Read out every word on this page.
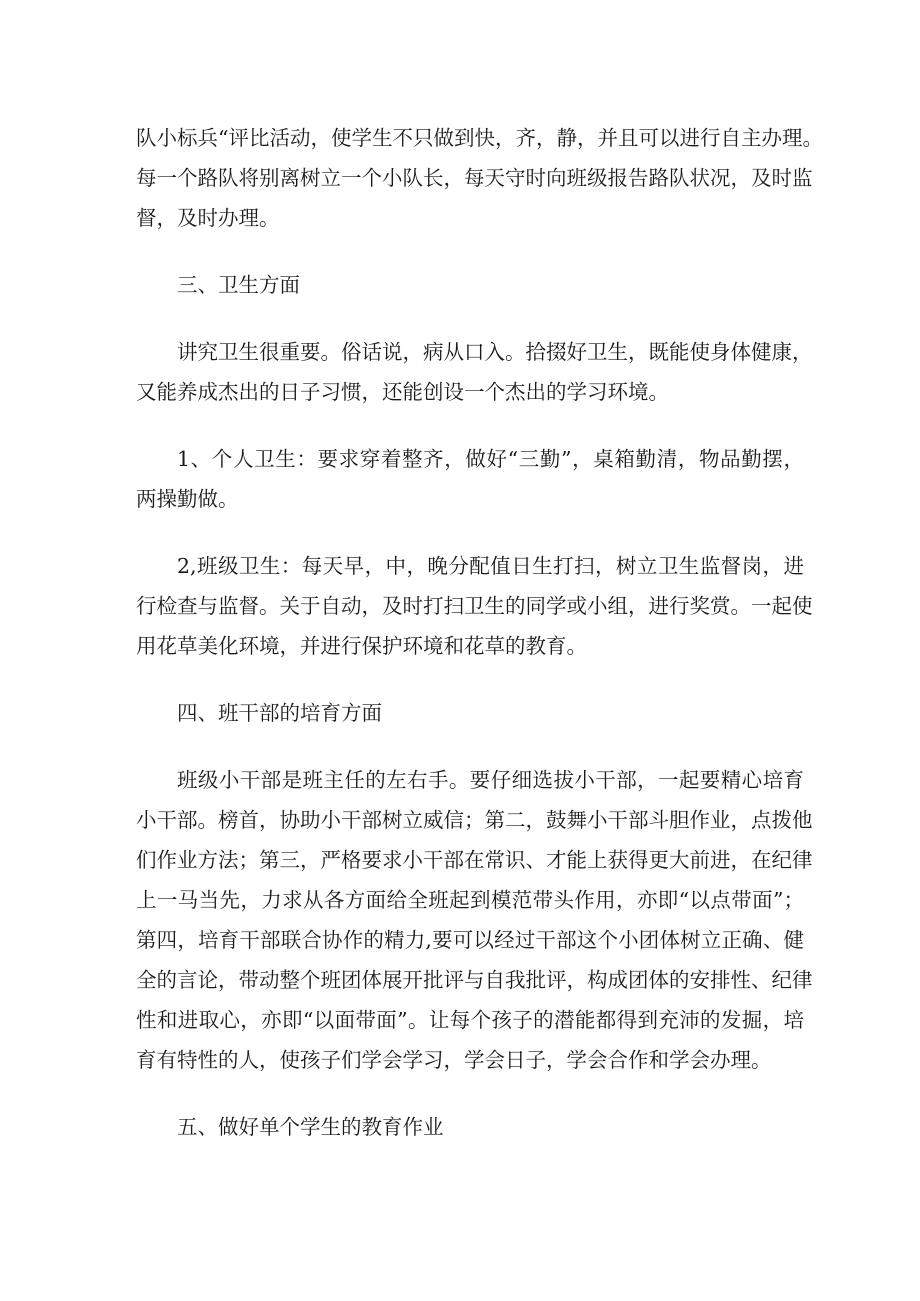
队小标兵“评比活动，使学生不只做到快，齐，静，并且可以进行自主办理。
每一个路队将别离树立一个小队长，每天守时向班级报告路队状况，及时监
督，及时办理。
三、卫生方面
讲究卫生很重要。俗话说，病从口入。拾掇好卫生，既能使身体健康，
又能养成杰出的日子习惯，还能创设一个杰出的学习环境。
1、个人卫生：要求穿着整齐，做好“三勤”，桌箱勤清，物品勤摆，
两操勤做。
2,班级卫生：每天早，中，晚分配值日生打扫，树立卫生监督岗，进
行检查与监督。关于自动，及时打扫卫生的同学或小组，进行奖赏。一起使
用花草美化环境，并进行保护环境和花草的教育。
四、班干部的培育方面
班级小干部是班主任的左右手。要仔细选拔小干部，一起要精心培育
小干部。榜首，协助小干部树立威信；第二，鼓舞小干部斗胆作业，点拨他
们作业方法；第三，严格要求小干部在常识、才能上获得更大前进，在纪律
上一马当先，力求从各方面给全班起到模范带头作用，亦即“以点带面”；
第四，培育干部联合协作的精力,要可以经过干部这个小团体树立正确、健
全的言论，带动整个班团体展开批评与自我批评，构成团体的安排性、纪律
性和进取心，亦即“以面带面”。让每个孩子的潜能都得到充沛的发掘，培
育有特性的人，使孩子们学会学习，学会日子，学会合作和学会办理。
五、做好单个学生的教育作业
